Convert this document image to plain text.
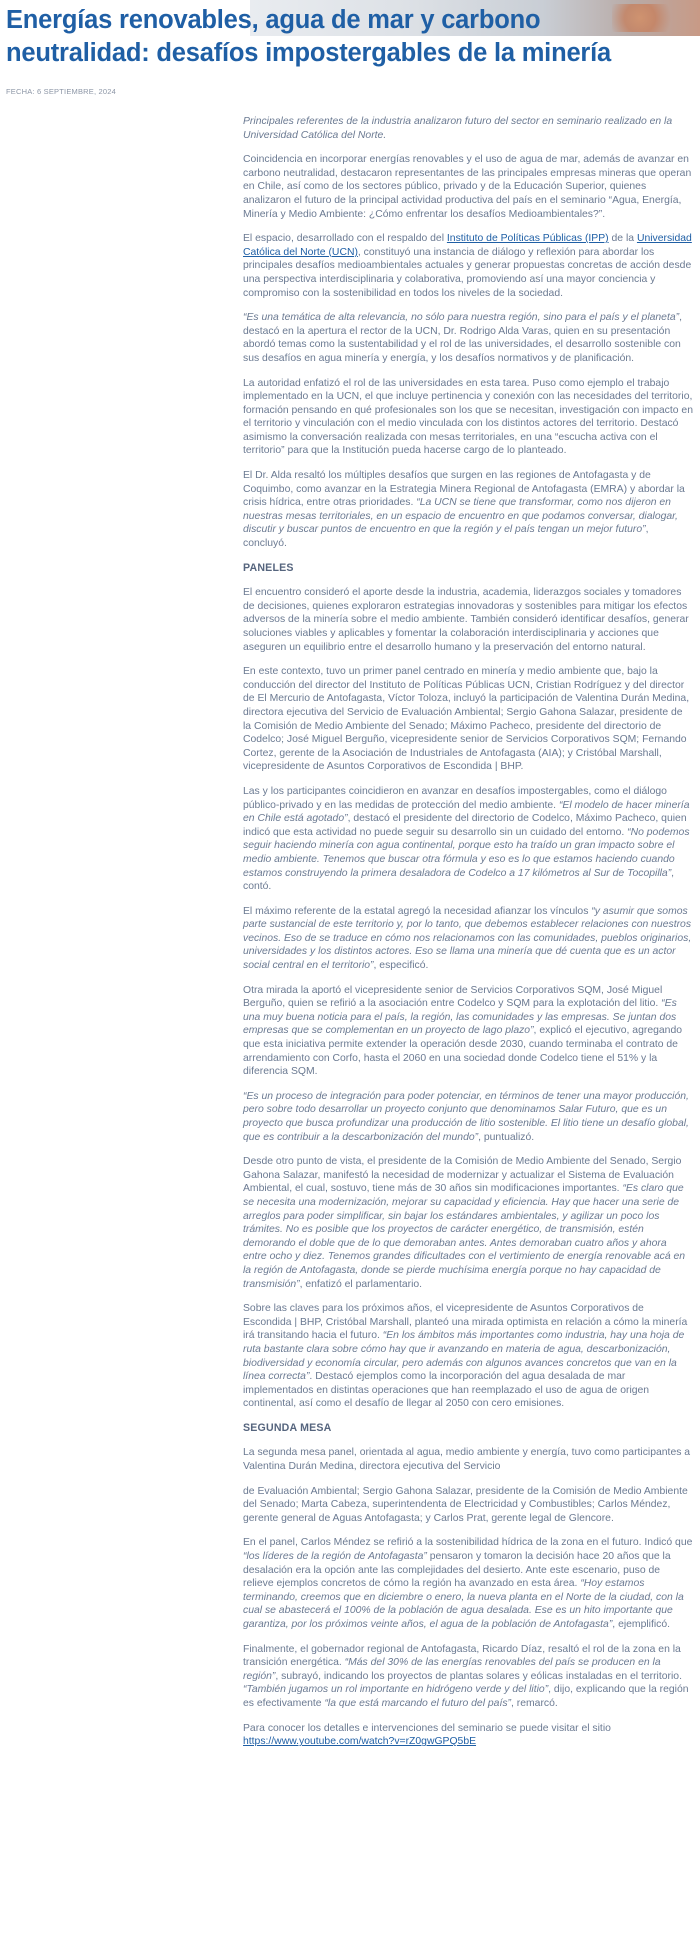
Energías renovables, agua de mar y carbono neutralidad: desafíos impostergables de la minería
FECHA: 6 SEPTIEMBRE, 2024

Principales referentes de la industria analizaron futuro del sector en seminario realizado en la Universidad Católica del Norte.

Coincidencia en incorporar energías renovables y el uso de agua de mar, además de avanzar en carbono neutralidad, destacaron representantes de las principales empresas mineras que operan en Chile, así como de los sectores público, privado y de la Educación Superior, quienes analizaron el futuro de la principal actividad productiva del país en el seminario “Agua, Energía, Minería y Medio Ambiente: ¿Cómo enfrentar los desafíos Medioambientales?”.

El espacio, desarrollado con el respaldo del Instituto de Políticas Públicas (IPP) de la Universidad Católica del Norte (UCN), constituyó una instancia de diálogo y reflexión para abordar los principales desafíos medioambientales actuales y generar propuestas concretas de acción desde una perspectiva interdisciplinaria y colaborativa, promoviendo así una mayor conciencia y compromiso con la sostenibilidad en todos los niveles de la sociedad.

“Es una temática de alta relevancia, no sólo para nuestra región, sino para el país y el planeta”, destacó en la apertura el rector de la UCN, Dr. Rodrigo Alda Varas, quien en su presentación abordó temas como la sustentabilidad y el rol de las universidades, el desarrollo sostenible con sus desafíos en agua minería y energía, y los desafíos normativos y de planificación.

La autoridad enfatizó el rol de las universidades en esta tarea. Puso como ejemplo el trabajo implementado en la UCN, el que incluye pertinencia y conexión con las necesidades del territorio, formación pensando en qué profesionales son los que se necesitan, investigación con impacto en el territorio y vinculación con el medio vinculada con los distintos actores del territorio. Destacó asimismo la conversación realizada con mesas territoriales, en una “escucha activa con el territorio” para que la Institución pueda hacerse cargo de lo planteado.

El Dr. Alda resaltó los múltiples desafíos que surgen en las regiones de Antofagasta y de Coquimbo, como avanzar en la Estrategia Minera Regional de Antofagasta (EMRA) y abordar la crisis hídrica, entre otras prioridades. “La UCN se tiene que transformar, como nos dijeron en nuestras mesas territoriales, en un espacio de encuentro en que podamos conversar, dialogar, discutir y buscar puntos de encuentro en que la región y el país tengan un mejor futuro”, concluyó.

PANELES

El encuentro consideró el aporte desde la industria, academia, liderazgos sociales y tomadores de decisiones, quienes exploraron estrategias innovadoras y sostenibles para mitigar los efectos adversos de la minería sobre el medio ambiente. También consideró identificar desafíos, generar soluciones viables y aplicables y fomentar la colaboración interdisciplinaria y acciones que aseguren un equilibrio entre el desarrollo humano y la preservación del entorno natural.

En este contexto, tuvo un primer panel centrado en minería y medio ambiente que, bajo la conducción del director del Instituto de Políticas Públicas UCN, Cristian Rodríguez y del director de El Mercurio de Antofagasta, Víctor Toloza, incluyó la participación de Valentina Durán Medina, directora ejecutiva del Servicio de Evaluación Ambiental; Sergio Gahona Salazar, presidente de la Comisión de Medio Ambiente del Senado; Máximo Pacheco, presidente del directorio de Codelco; José Miguel Berguño, vicepresidente senior de Servicios Corporativos SQM; Fernando Cortez, gerente de la Asociación de Industriales de Antofagasta (AIA); y Cristóbal Marshall, vicepresidente de Asuntos Corporativos de Escondida | BHP.

Las y los participantes coincidieron en avanzar en desafíos impostergables, como el diálogo público-privado y en las medidas de protección del medio ambiente. “El modelo de hacer minería en Chile está agotado”, destacó el presidente del directorio de Codelco, Máximo Pacheco, quien indicó que esta actividad no puede seguir su desarrollo sin un cuidado del entorno. “No podemos seguir haciendo minería con agua continental, porque esto ha traído un gran impacto sobre el medio ambiente. Tenemos que buscar otra fórmula y eso es lo que estamos haciendo cuando estamos construyendo la primera desaladora de Codelco a 17 kilómetros al Sur de Tocopilla”, contó.

El máximo referente de la estatal agregó la necesidad afianzar los vínculos “y asumir que somos parte sustancial de este territorio y, por lo tanto, que debemos establecer relaciones con nuestros vecinos. Eso de se traduce en cómo nos relacionamos con las comunidades, pueblos originarios, universidades y los distintos actores. Eso se llama una minería que dé cuenta que es un actor social central en el territorio”, especificó.

Otra mirada la aportó el vicepresidente senior de Servicios Corporativos SQM, José Miguel Berguño, quien se refirió a la asociación entre Codelco y SQM para la explotación del litio. “Es una muy buena noticia para el país, la región, las comunidades y las empresas. Se juntan dos empresas que se complementan en un proyecto de lago plazo”, explicó el ejecutivo, agregando que esta iniciativa permite extender la operación desde 2030, cuando terminaba el contrato de arrendamiento con Corfo, hasta el 2060 en una sociedad donde Codelco tiene el 51% y la diferencia SQM.

“Es un proceso de integración para poder potenciar, en términos de tener una mayor producción, pero sobre todo desarrollar un proyecto conjunto que denominamos Salar Futuro, que es un proyecto que busca profundizar una producción de litio sostenible. El litio tiene un desafío global, que es contribuir a la descarbonización del mundo”, puntualizó.

Desde otro punto de vista, el presidente de la Comisión de Medio Ambiente del Senado, Sergio Gahona Salazar, manifestó la necesidad de modernizar y actualizar el Sistema de Evaluación Ambiental, el cual, sostuvo, tiene más de 30 años sin modificaciones importantes. “Es claro que se necesita una modernización, mejorar su capacidad y eficiencia. Hay que hacer una serie de arreglos para poder simplificar, sin bajar los estándares ambientales, y agilizar un poco los trámites. No es posible que los proyectos de carácter energético, de transmisión, estén demorando el doble que de lo que demoraban antes. Antes demoraban cuatro años y ahora entre ocho y diez. Tenemos grandes dificultades con el vertimiento de energía renovable acá en la región de Antofagasta, donde se pierde muchísima energía porque no hay capacidad de transmisión”, enfatizó el parlamentario.

Sobre las claves para los próximos años, el vicepresidente de Asuntos Corporativos de Escondida | BHP, Cristóbal Marshall, planteó una mirada optimista en relación a cómo la minería irá transitando hacia el futuro. “En los ámbitos más importantes como industria, hay una hoja de ruta bastante clara sobre cómo hay que ir avanzando en materia de agua, descarbonización, biodiversidad y economía circular, pero además con algunos avances concretos que van en la línea correcta”. Destacó ejemplos como la incorporación del agua desalada de mar implementados en distintas operaciones que han reemplazado el uso de agua de origen continental, así como el desafío de llegar al 2050 con cero emisiones.

SEGUNDA MESA

La segunda mesa panel, orientada al agua, medio ambiente y energía, tuvo como participantes a Valentina Durán Medina, directora ejecutiva del Servicio

de Evaluación Ambiental; Sergio Gahona Salazar, presidente de la Comisión de Medio Ambiente del Senado; Marta Cabeza, superintendenta de Electricidad y Combustibles; Carlos Méndez, gerente general de Aguas Antofagasta; y Carlos Prat, gerente legal de Glencore.

En el panel, Carlos Méndez se refirió a la sostenibilidad hídrica de la zona en el futuro. Indicó que “los líderes de la región de Antofagasta” pensaron y tomaron la decisión hace 20 años que la desalación era la opción ante las complejidades del desierto. Ante este escenario, puso de relieve ejemplos concretos de cómo la región ha avanzado en esta área. “Hoy estamos terminando, creemos que en diciembre o enero, la nueva planta en el Norte de la ciudad, con la cual se abastecerá el 100% de la población de agua desalada. Ese es un hito importante que garantiza, por los próximos veinte años, el agua de la población de Antofagasta”, ejemplificó.

Finalmente, el gobernador regional de Antofagasta, Ricardo Díaz, resaltó el rol de la zona en la transición energética. “Más del 30% de las energías renovables del país se producen en la región”, subrayó, indicando los proyectos de plantas solares y eólicas instaladas en el territorio. “También jugamos un rol importante en hidrógeno verde y del litio”, dijo, explicando que la región es efectivamente “la que está marcando el futuro del país”, remarcó.

Para conocer los detalles e intervenciones del seminario se puede visitar el sitio https://www.youtube.com/watch?v=rZ0gwGPQ5bE
